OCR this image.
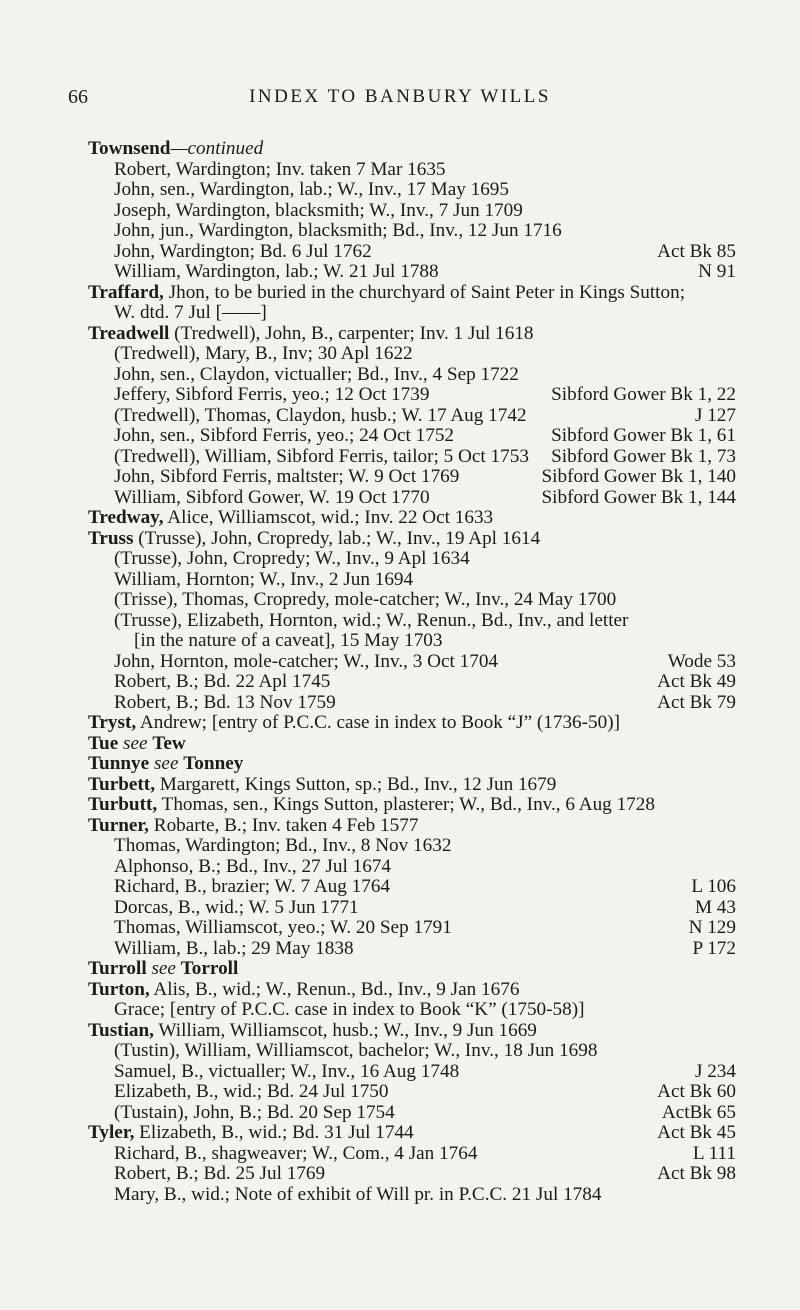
66	INDEX TO BANBURY WILLS
Townsend—continued
Robert, Wardington; Inv. taken 7 Mar 1635
John, sen., Wardington, lab.; W., Inv., 17 May 1695
Joseph, Wardington, blacksmith; W., Inv., 7 Jun 1709
John, jun., Wardington, blacksmith; Bd., Inv., 12 Jun 1716
John, Wardington; Bd. 6 Jul 1762	Act Bk 85
William, Wardington, lab.; W. 21 Jul 1788	N 91
Traffard, Jhon, to be buried in the churchyard of Saint Peter in Kings Sutton;
W. dtd. 7 Jul [——]
Treadwell (Tredwell), John, B., carpenter; Inv. 1 Jul 1618
(Tredwell), Mary, B., Inv; 30 Apl 1622
John, sen., Claydon, victualler; Bd., Inv., 4 Sep 1722
Jeffery, Sibford Ferris, yeo.; 12 Oct 1739	Sibford Gower Bk 1, 22
(Tredwell), Thomas, Claydon, husb.; W. 17 Aug 1742	J 127
John, sen., Sibford Ferris, yeo.; 24 Oct 1752	Sibford Gower Bk 1, 61
(Tredwell), William, Sibford Ferris, tailor; 5 Oct 1753 Sibford Gower Bk 1, 73
John, Sibford Ferris, maltster; W. 9 Oct 1769	Sibford Gower Bk 1, 140
William, Sibford Gower, W. 19 Oct 1770	Sibford Gower Bk 1, 144
Tredway, Alice, Williamscot, wid.; Inv. 22 Oct 1633
Truss (Trusse), John, Cropredy, lab.; W., Inv., 19 Apl 1614
(Trusse), John, Cropredy; W., Inv., 9 Apl 1634
William, Hornton; W., Inv., 2 Jun 1694
(Trisse), Thomas, Cropredy, mole-catcher; W., Inv., 24 May 1700
(Trusse), Elizabeth, Hornton, wid.; W., Renun., Bd., Inv., and letter
[in the nature of a caveat], 15 May 1703
John, Hornton, mole-catcher; W., Inv., 3 Oct 1704	Wode 53
Robert, B.; Bd. 22 Apl 1745	Act Bk 49
Robert, B.; Bd. 13 Nov 1759	Act Bk 79
Tryst, Andrew; [entry of P.C.C. case in index to Book “J” (1736-50)]
Tue see Tew
Tunnye see Tonney
Turbett, Margarett, Kings Sutton, sp.; Bd., Inv., 12 Jun 1679
Turbutt, Thomas, sen., Kings Sutton, plasterer; W., Bd., Inv., 6 Aug 1728
Turner, Robarte, B.; Inv. taken 4 Feb 1577
Thomas, Wardington; Bd., Inv., 8 Nov 1632
Alphonso, B.; Bd., Inv., 27 Jul 1674
Richard, B., brazier; W. 7 Aug 1764	L 106
Dorcas, B., wid.; W. 5 Jun 1771	M 43
Thomas, Williamscot, yeo.; W. 20 Sep 1791	N 129
William, B., lab.; 29 May 1838	P 172
Turroll see Torroll
Turton, Alis, B., wid.; W., Renun., Bd., Inv., 9 Jan 1676
Grace; [entry of P.C.C. case in index to Book “K” (1750-58)]
Tustian, William, Williamscot, husb.; W., Inv., 9 Jun 1669
(Tustin), William, Williamscot, bachelor; W., Inv., 18 Jun 1698
Samuel, B., victualler; W., Inv., 16 Aug 1748	J 234
Elizabeth, B., wid.; Bd. 24 Jul 1750	Act Bk 60
(Tustain), John, B.; Bd. 20 Sep 1754	ActBk 65
Tyler, Elizabeth, B., wid.; Bd. 31 Jul 1744	Act Bk 45
Richard, B., shagweaver; W., Com., 4 Jan 1764	L 111
Robert, B.; Bd. 25 Jul 1769	Act Bk 98
Mary, B., wid.; Note of exhibit of Will pr. in P.C.C. 21 Jul 1784
